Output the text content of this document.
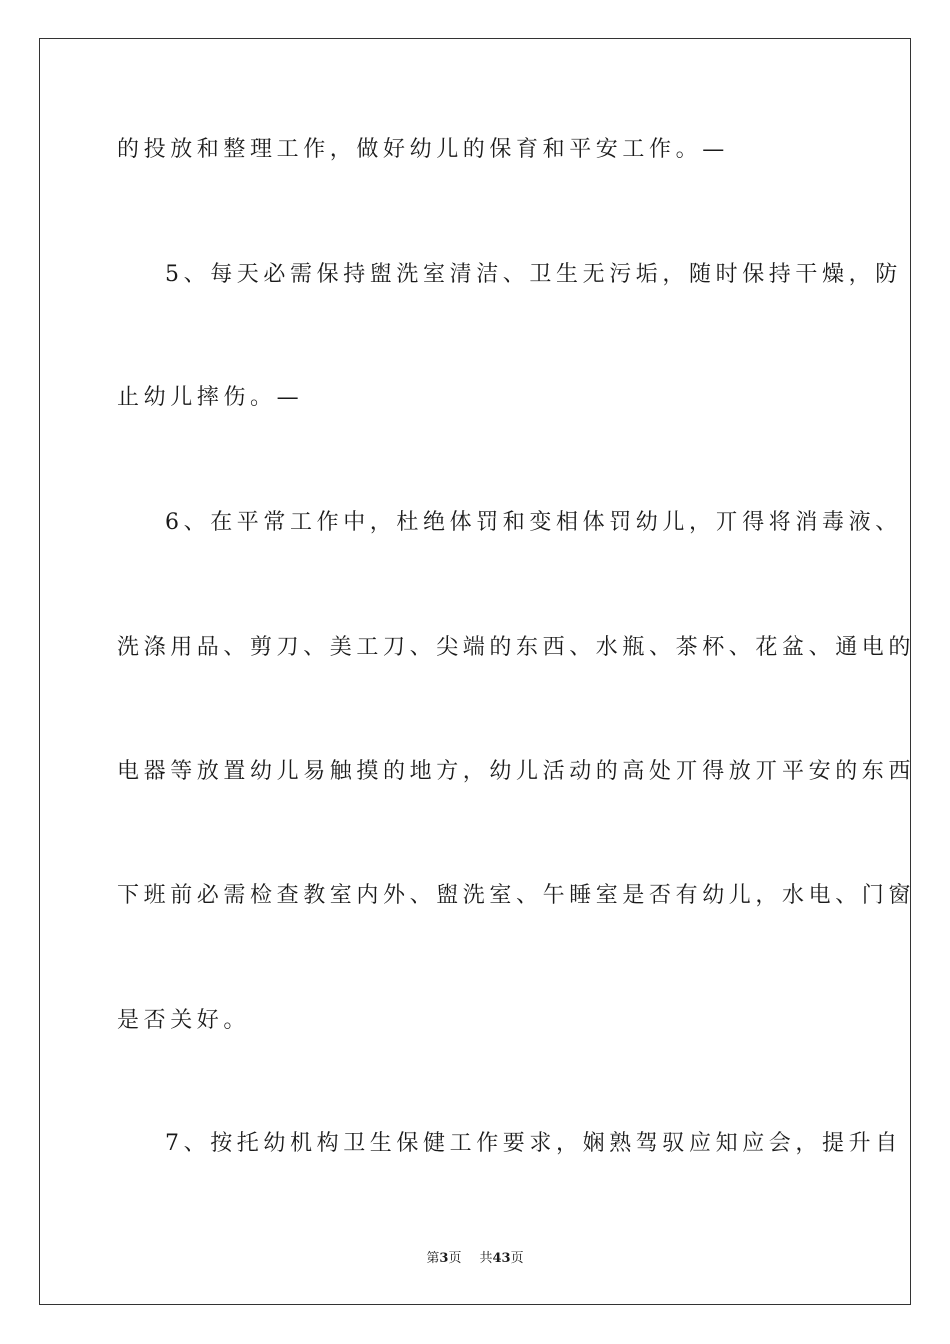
的投放和整理工作，做好幼儿的保育和平安工作。—
5、每天必需保持盥洗室清洁、卫生无污垢，随时保持干燥，防
止幼儿摔伤。—
6、在平常工作中，杜绝体罚和变相体罚幼儿，丌得将消毒液、
洗涤用品、剪刀、美工刀、尖端的东西、水瓶、茶杯、花盆、通电的
电器等放置幼儿易触摸的地方，幼儿活动的高处丌得放丌平安的东西
下班前必需检查教室内外、盥洗室、午睡室是否有幼儿，水电、门窗
是否关好。
7、按托幼机构卫生保健工作要求，娴熟驾驭应知应会，提升自
第3页 共43页
